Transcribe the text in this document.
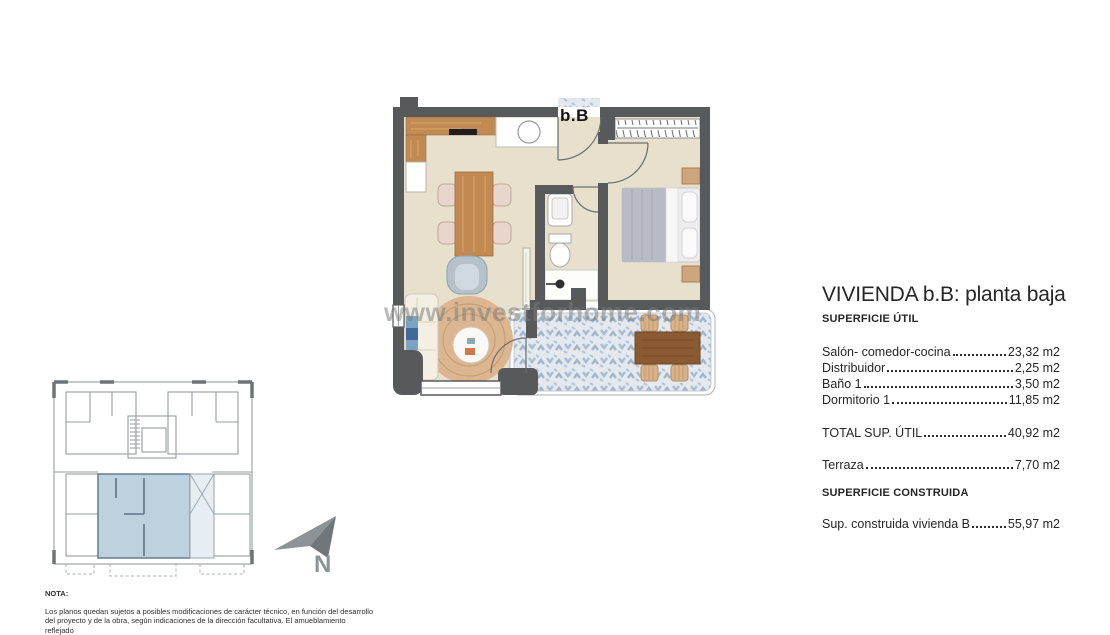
b.B
www.investforhome.com
N
VIVIENDA b.B: planta baja
SUPERFICIE ÚTIL
Salón- comedor-cocina	23,32 m2
Distribuidor	2,25 m2
Baño 1	3,50 m2
Dormitorio 1	11,85 m2
TOTAL SUP. ÚTIL	40,92 m2
Terraza	7,70 m2
SUPERFICIE CONSTRUIDA
Sup. construida vivienda B	55,97 m2
NOTA:
Los planos quedan sujetos a posibles modificaciones de carácter técnico, en función del desarrollo
del proyecto y de la obra, según indicaciones de la dirección facultativa. El amueblamiento reflejado
